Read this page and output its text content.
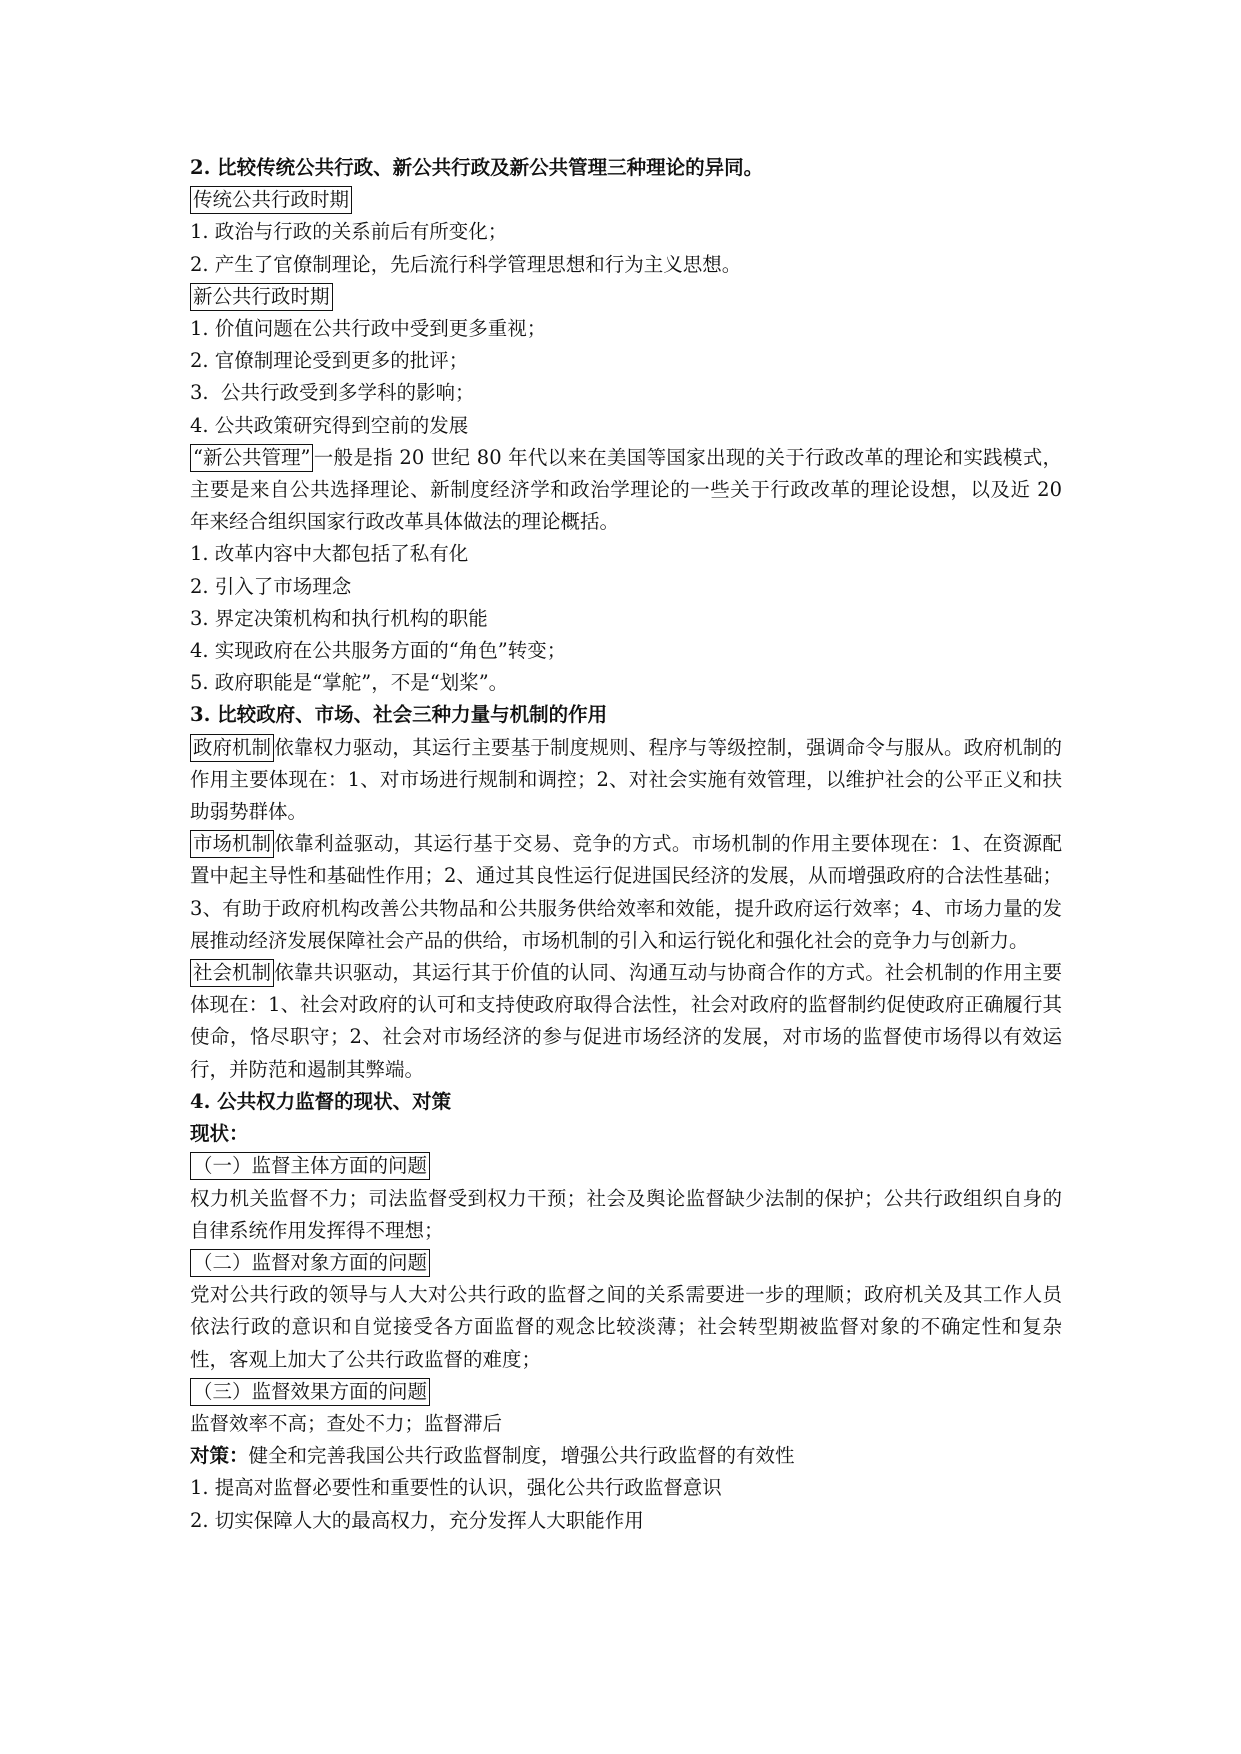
2. 比较传统公共行政、新公共行政及新公共管理三种理论的异同。
传统公共行政时期
1. 政治与行政的关系前后有所变化；
2. 产生了官僚制理论，先后流行科学管理思想和行为主义思想。
新公共行政时期
1. 价值问题在公共行政中受到更多重视；
2. 官僚制理论受到更多的批评；
3.  公共行政受到多学科的影响；
4. 公共政策研究得到空前的发展
“新公共管理” 一般是指 20 世纪 80 年代以来在美国等国家出现的关于行政改革的理论和实践模式，主要是来自公共选择理论、新制度经济学和政治学理论的一些关于行政改革的理论设想，以及近 20 年来经合组织国家行政改革具体做法的理论概括。
1. 改革内容中大都包括了私有化
2. 引入了市场理念
3. 界定决策机构和执行机构的职能
4. 实现政府在公共服务方面的“角色”转变；
5. 政府职能是“掌舵”，不是“划桨”。
3. 比较政府、市场、社会三种力量与机制的作用
政府机制 依靠权力驱动，其运行主要基于制度规则、程序与等级控制，强调命令与服从。政府机制的作用主要体现在：1、对市场进行规制和调控；2、对社会实施有效管理，以维护社会的公平正义和扶助弱势群体。
市场机制 依靠利益驱动，其运行基于交易、竞争的方式。市场机制的作用主要体现在：1、在资源配置中起主导性和基础性作用；2、通过其良性运行促进国民经济的发展，从而增强政府的合法性基础；3、有助于政府机构改善公共物品和公共服务供给效率和效能，提升政府运行效率；4、市场力量的发展推动经济发展保障社会产品的供给，市场机制的引入和运行锐化和强化社会的竞争力与创新力。
社会机制 依靠共识驱动，其运行其于价值的认同、沟通互动与协商合作的方式。社会机制的作用主要体现在：1、社会对政府的认可和支持使政府取得合法性，社会对政府的监督制约促使政府正确履行其使命，恪尽职守；2、社会对市场经济的参与促进市场经济的发展，对市场的监督使市场得以有效运行，并防范和遏制其弊端。
4. 公共权力监督的现状、对策
现状：
（一）监督主体方面的问题
权力机关监督不力；司法监督受到权力干预；社会及舆论监督缺少法制的保护；公共行政组织自身的自律系统作用发挥得不理想；
（二）监督对象方面的问题
党对公共行政的领导与人大对公共行政的监督之间的关系需要进一步的理顺；政府机关及其工作人员依法行政的意识和自觉接受各方面监督的观念比较淡薄；社会转型期被监督对象的不确定性和复杂性，客观上加大了公共行政监督的难度；
（三）监督效果方面的问题
监督效率不高；查处不力；监督滞后
对策：健全和完善我国公共行政监督制度，增强公共行政监督的有效性
1. 提高对监督必要性和重要性的认识，强化公共行政监督意识
2. 切实保障人大的最高权力，充分发挥人大职能作用
